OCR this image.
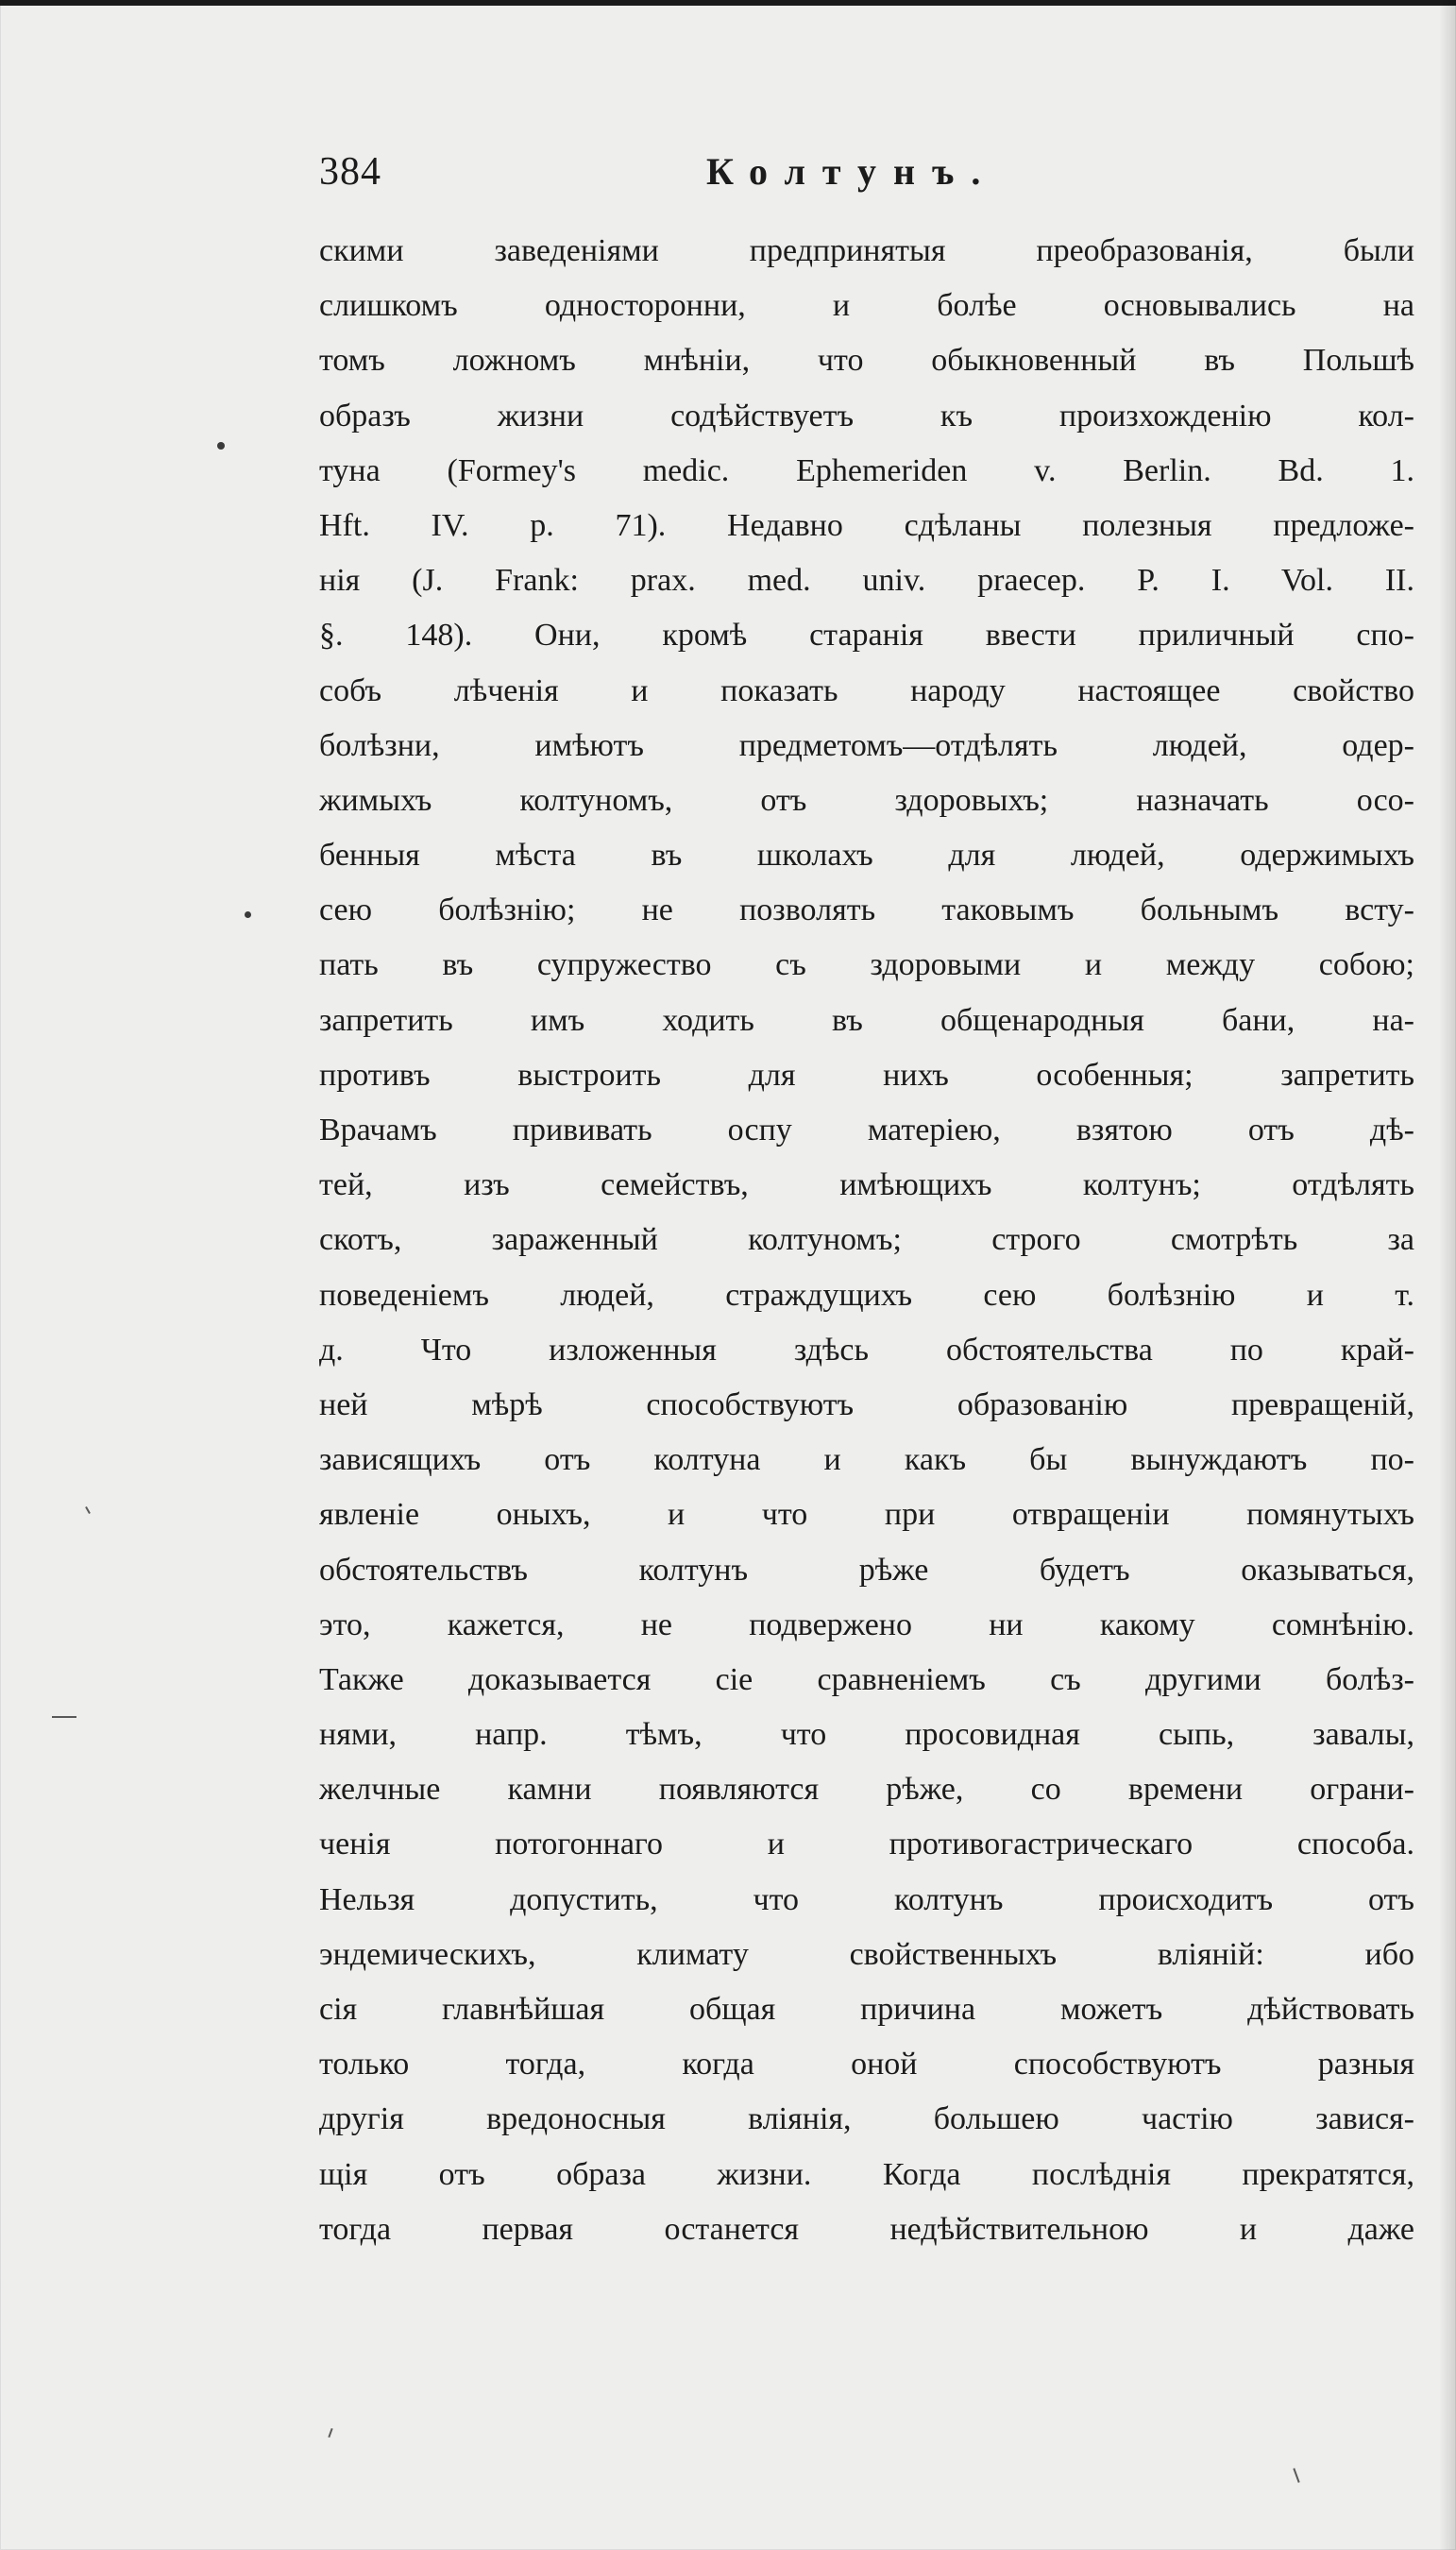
384	Колтунъ.
скими заведеніями предпринятыя преобразованія, были
слишкомъ односторонни, и болѣе основывались на
томъ ложномъ мнѣніи, что обыкновенный въ Польшѣ
образъ жизни содѣйствуетъ къ произхожденію кол-
туна (Formey's medic. Ephemeriden v. Berlin. Bd. 1.
Hft. IV. p. 71). Недавно сдѣланы полезныя предложе-
нія (J. Frank: prax. med. univ. praecep. P. I. Vol. II.
§. 148). Они, кромѣ старанія ввести приличный спо-
собъ лѣченія и показать народу настоящее свойство
болѣзни, имѣютъ предметомъ—отдѣлять людей, одер-
жимыхъ колтуномъ, отъ здоровыхъ; назначать осо-
бенныя мѣста въ школахъ для людей, одержимыхъ
сею болѣзнію; не позволять таковымъ больнымъ всту-
пать въ супружество съ здоровыми и между собою;
запретить имъ ходить въ общенародныя бани, на-
противъ выстроить для нихъ особенныя; запретить
Врачамъ прививать оспу матеріею, взятою отъ дѣ-
тей, изъ семействъ, имѣющихъ колтунъ; отдѣлять
скотъ, зараженный колтуномъ; строго смотрѣть за
поведеніемъ людей, страждущихъ сею болѣзнію и т.
д. Что изложенныя здѣсь обстоятельства по край-
ней мѣрѣ способствуютъ образованію превращеній,
зависящихъ отъ колтуна и какъ бы вынуждаютъ по-
явленіе оныхъ, и что при отвращеніи помянутыхъ
обстоятельствъ колтунъ рѣже будетъ оказываться,
это, кажется, не подвержено ни какому сомнѣнію.
Также доказывается сіе сравненіемъ съ другими болѣз-
нями, напр. тѣмъ, что просовидная сыпь, завалы,
желчные камни появляются рѣже, со времени ограни-
ченія потогоннаго и противогастрическаго способа.
Нельзя допустить, что колтунъ происходитъ отъ
эндемическихъ, климату свойственныхъ вліяній: ибо
сія главнѣйшая общая причина можетъ дѣйствовать
только тогда, когда оной способствуютъ разныя
другія вредоносныя вліянія, большею частію завися-
щія отъ образа жизни. Когда послѣднія прекратятся,
тогда первая останется недѣйствительною и даже
